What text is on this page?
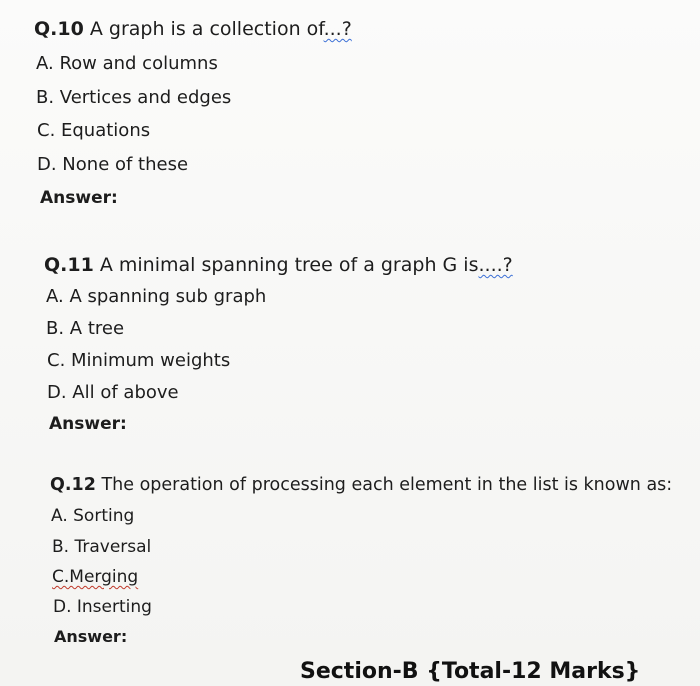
Q.10 A graph is a collection of...?
A. Row and columns
B. Vertices and edges
C. Equations
D. None of these
Answer:
Q.11 A minimal spanning tree of a graph G is....?
A. A spanning sub graph
B. A tree
C. Minimum weights
D. All of above
Answer:
Q.12 The operation of processing each element in the list is known as:
A. Sorting
B. Traversal
C.Merging
D. Inserting
Answer:
Section-B {Total-12 Marks}
